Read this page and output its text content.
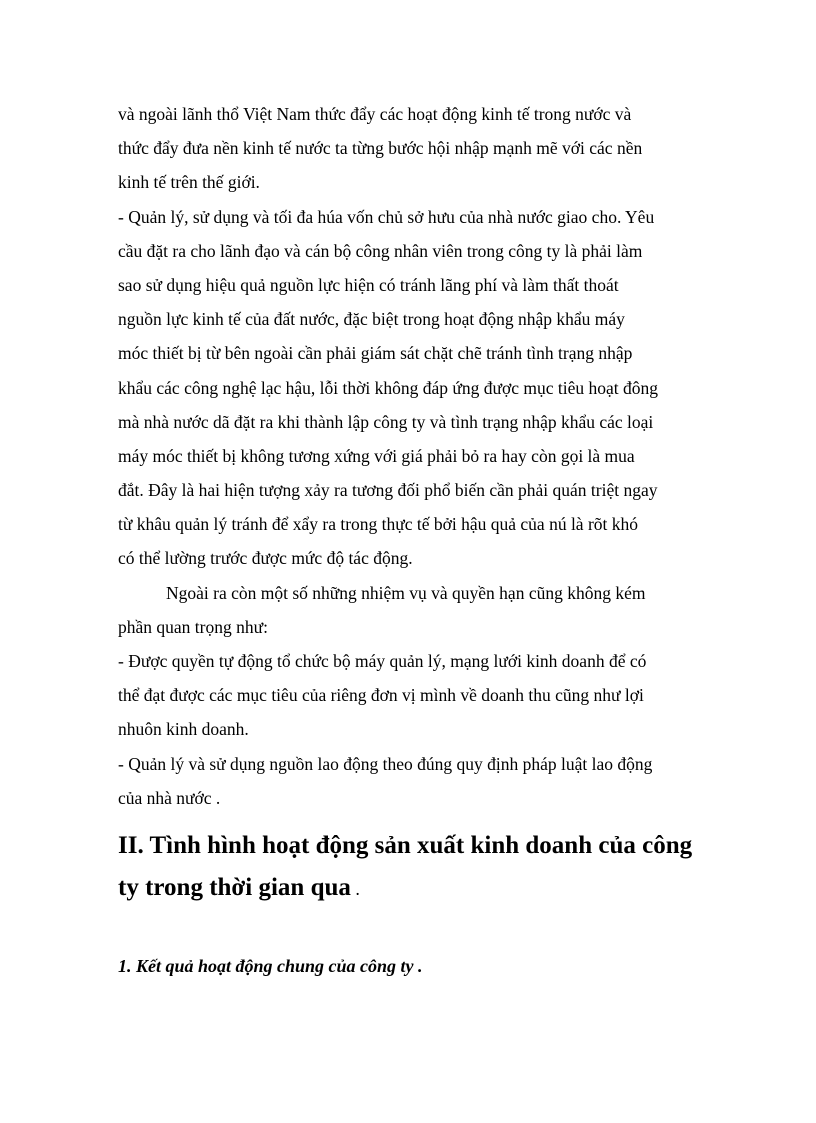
và ngoài lãnh thổ Việt Nam thức đẩy các hoạt động kinh tế trong nước và
thức đẩy đưa nền kinh tế nước ta từng bước hội nhập mạnh mẽ với các nền
kinh tế trên thế giới.
- Quản lý, sử dụng và tối đa húa vốn chủ sở hưu của nhà nước giao cho. Yêu
cầu đặt ra cho lãnh đạo và cán bộ công nhân viên trong công ty là phải làm
sao sử dụng hiệu quả nguồn lực hiện có tránh lãng phí và làm thất thoát
nguồn lực kinh tế của đất nước, đặc biệt trong hoạt động nhập khẩu máy
móc thiết bị từ bên ngoài cần phải giám sát chặt chẽ tránh tình trạng nhập
khẩu các công nghệ lạc hậu, lỗi thời không đáp ứng được mục tiêu hoạt đông
mà nhà nước dã đặt ra khi thành lập công ty và tình trạng nhập khẩu các loại
máy móc thiết bị không tương xứng với giá phải bỏ ra hay còn gọi là mua
đắt. Đây là hai hiện tượng xảy ra tương đối phổ biến cần phải quán triệt ngay
từ khâu quản lý tránh để xẩy ra trong thực tế bởi hậu quả của nú là rõt khó
có thể lường trước được mức độ tác động.
Ngoài ra còn một số những nhiệm vụ và quyền hạn cũng không kém
phần quan trọng như:
- Được quyền tự động tổ chức bộ máy quản lý, mạng lưới kinh doanh để có
thể đạt được các mục tiêu của riêng đơn vị mình về doanh thu cũng như lợi
nhuôn kinh doanh.
- Quản lý và sử dụng nguồn lao động theo đúng quy định pháp luật lao động
của nhà nước .
II. Tình hình hoạt động sản xuất kinh doanh của công
ty trong thời gian qua .
1. Kết quả hoạt động chung của công ty .
